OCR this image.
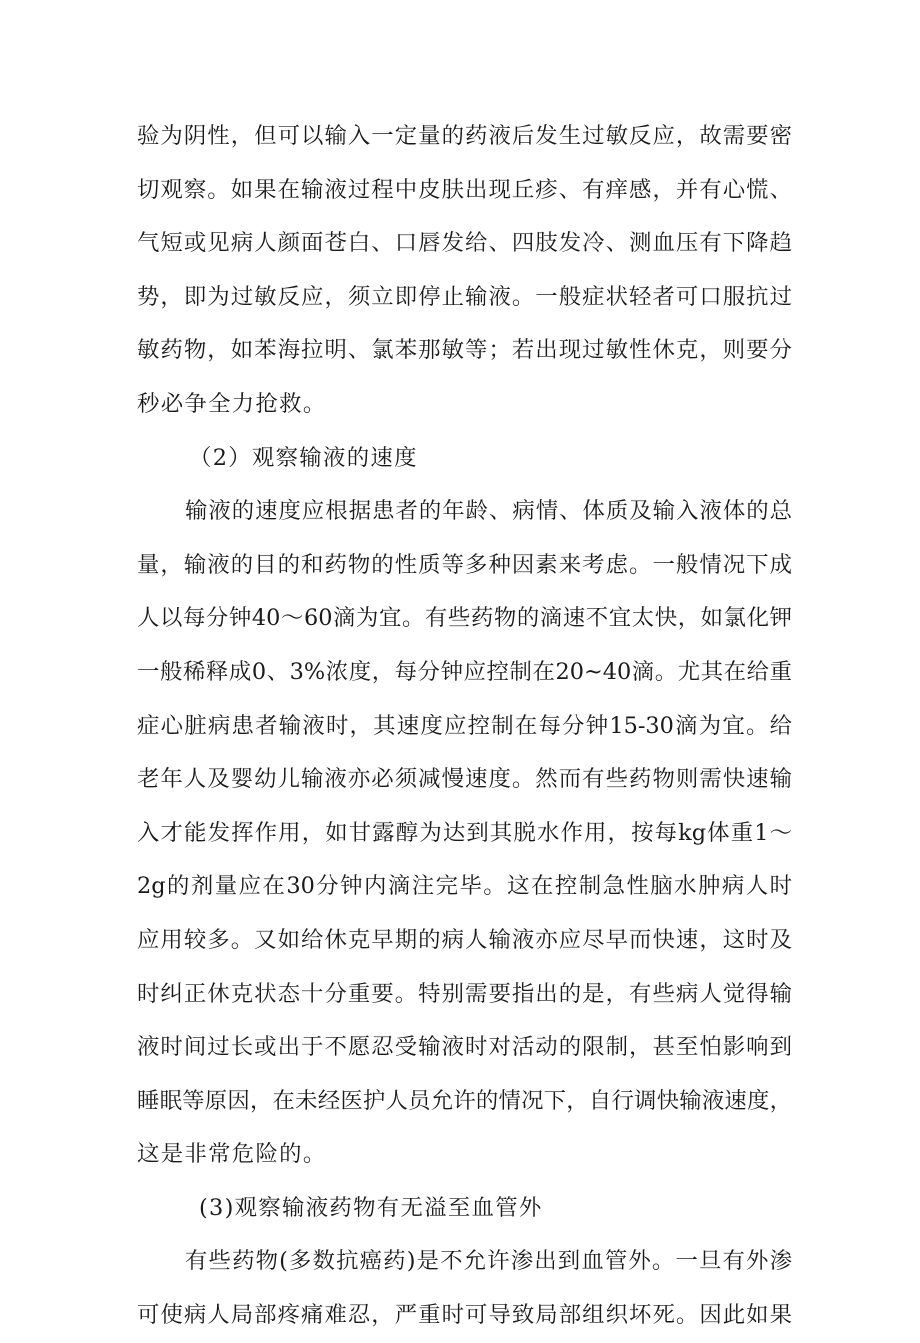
验为阴性，但可以输入一定量的药液后发生过敏反应，故需要密
切观察。如果在输液过程中皮肤出现丘疹、有痒感，并有心慌、
气短或见病人颜面苍白、口唇发给、四肢发冷、测血压有下降趋
势，即为过敏反应，须立即停止输液。一般症状轻者可口服抗过
敏药物，如苯海拉明、氯苯那敏等；若出现过敏性休克，则要分
秒必争全力抢救。
（2）观察输液的速度
输液的速度应根据患者的年龄、病情、体质及输入液体的总
量，输液的目的和药物的性质等多种因素来考虑。一般情况下成
人以每分钟40～60滴为宜。有些药物的滴速不宜太快，如氯化钾
一般稀释成0、3%浓度，每分钟应控制在20~40滴。尤其在给重
症心脏病患者输液时，其速度应控制在每分钟15-30滴为宜。给
老年人及婴幼儿输液亦必须减慢速度。然而有些药物则需快速输
入才能发挥作用，如甘露醇为达到其脱水作用，按每kg体重1～
2g的剂量应在30分钟内滴注完毕。这在控制急性脑水肿病人时
应用较多。又如给休克早期的病人输液亦应尽早而快速，这时及
时纠正休克状态十分重要。特别需要指出的是，有些病人觉得输
液时间过长或出于不愿忍受输液时对活动的限制，甚至怕影响到
睡眠等原因，在未经医护人员允许的情况下，自行调快输液速度，
这是非常危险的。
(3)观察输液药物有无溢至血管外
有些药物(多数抗癌药)是不允许渗出到血管外。一旦有外渗
可使病人局部疼痛难忍，严重时可导致局部组织坏死。因此如果
